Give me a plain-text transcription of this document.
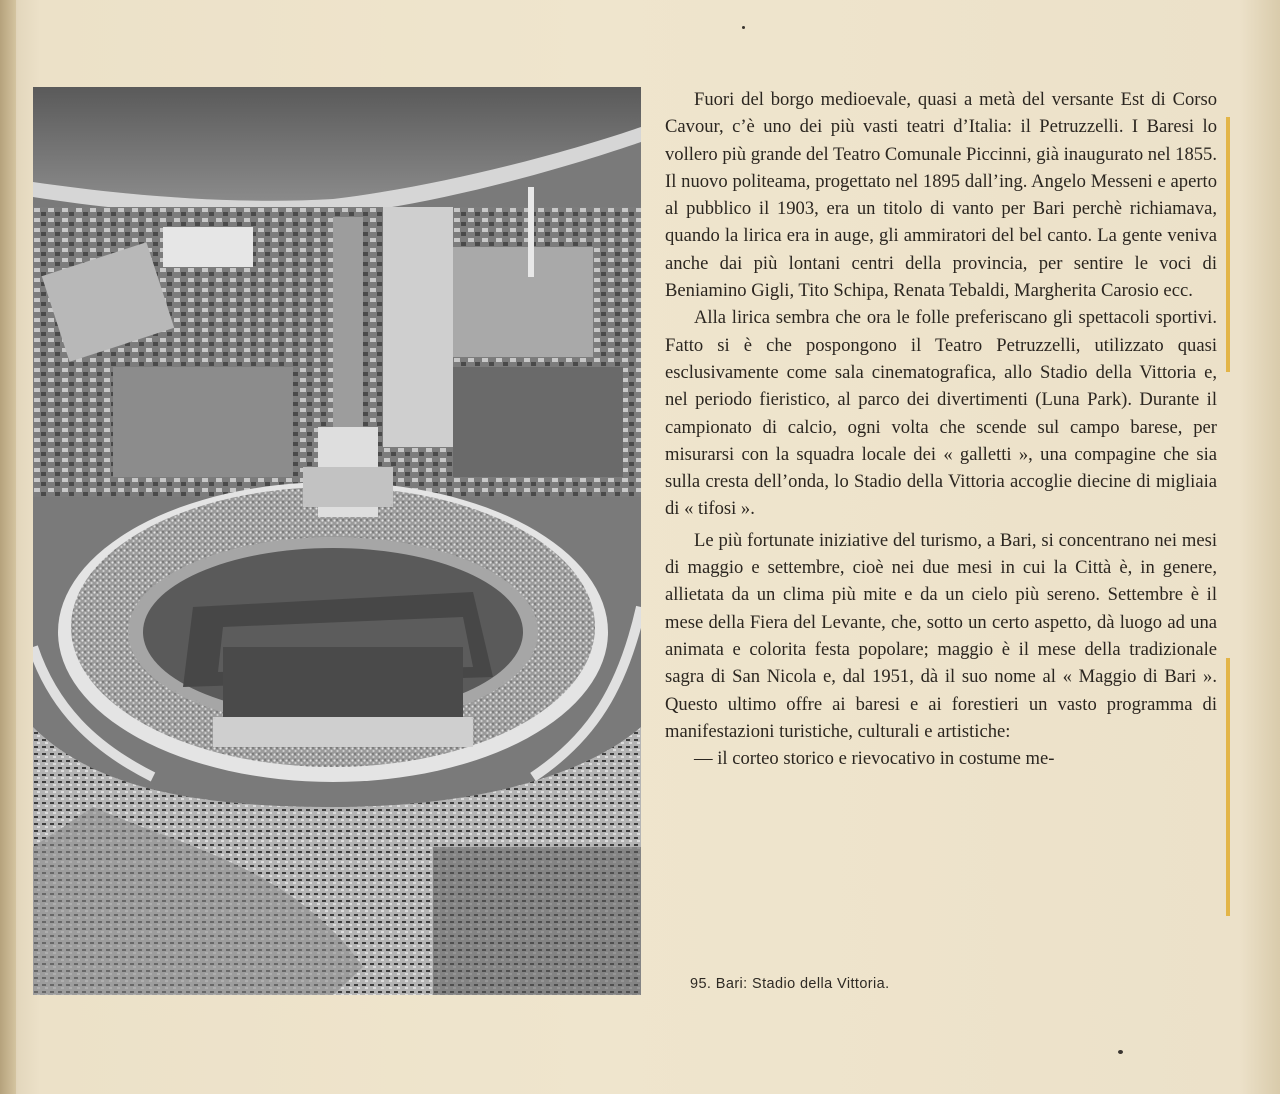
Fuori del borgo medioevale, quasi a metà del versante Est di Corso Cavour, c’è uno dei più vasti teatri d’Italia: il Petruzzelli. I Baresi lo vollero più grande del Teatro Comunale Piccinni, già inaugurato nel 1855. Il nuovo politeama, progettato nel 1895 dall’ing. Angelo Messeni e aperto al pubblico il 1903, era un titolo di vanto per Bari perchè richiamava, quando la lirica era in auge, gli ammiratori del bel canto. La gente veniva anche dai più lontani centri della provincia, per sentire le voci di Beniamino Gigli, Tito Schipa, Renata Tebaldi, Margherita Carosio ecc.

Alla lirica sembra che ora le folle preferiscano gli spettacoli sportivi. Fatto si è che pospongono il Teatro Petruzzelli, utilizzato quasi esclusivamente come sala cinematografica, allo Stadio della Vittoria e, nel periodo fieristico, al parco dei divertimenti (Luna Park). Durante il campionato di calcio, ogni volta che scende sul campo barese, per misurarsi con la squadra locale dei « galletti », una compagine che sia sulla cresta dell’onda, lo Stadio della Vittoria accoglie diecine di migliaia di « tifosi ».

Le più fortunate iniziative del turismo, a Bari, si concentrano nei mesi di maggio e settembre, cioè nei due mesi in cui la Città è, in genere, allietata da un clima più mite e da un cielo più sereno. Settembre è il mese della Fiera del Levante, che, sotto un certo aspetto, dà luogo ad una animata e colorita festa popolare; maggio è il mese della tradizionale sagra di San Nicola e, dal 1951, dà il suo nome al « Maggio di Bari ». Questo ultimo offre ai baresi e ai forestieri un vasto programma di manifestazioni turistiche, culturali e artistiche:

— il corteo storico e rievocativo in costume me-

95. Bari: Stadio della Vittoria.
